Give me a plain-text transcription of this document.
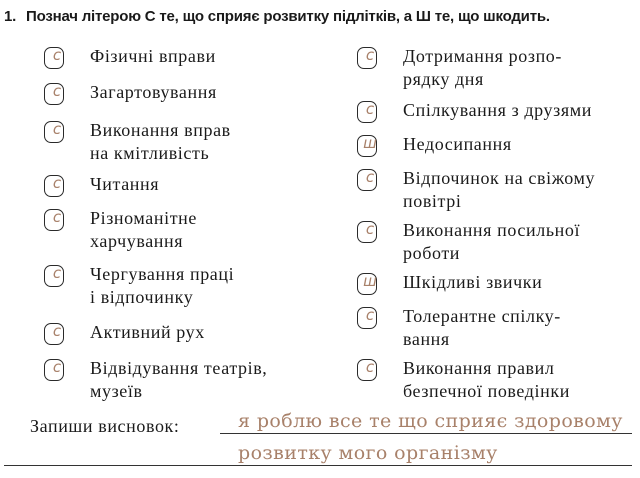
1. Познач літерою С те, що сприяє розвитку підлітків, а Ш те, що шкодить.
с	Фізичні вправи
с	Загартовування
с	Виконання вправ
на кмітливість
с	Читання
с	Різноманітне
харчування
с	Чергування праці
і відпочинку
с	Активний рух
с	Відвідування театрів,
музеїв
с	Дотримання розпо-
рядку дня
с	Спілкування з друзями
ш Недосипання
с	Відпочинок на свіжому
повітрі
с	Виконання посильної
роботи
ш Шкідливі звички
с	Толерантне спілку-
вання
с	Виконання правил
безпечної поведінки
Запиши висновок:	я роблю все те що сприяє здоровому
розвитку мого організму
